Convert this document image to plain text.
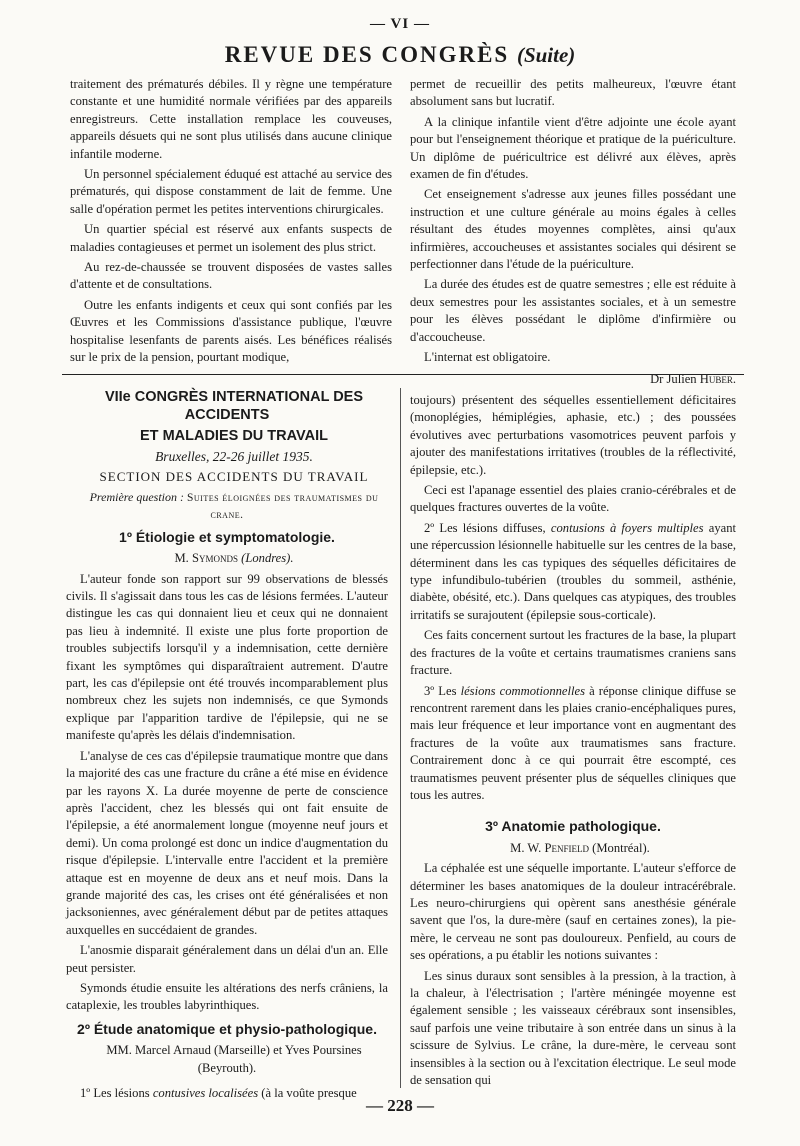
— VI —
REVUE DES CONGRÈS (Suite)

traitement des prématurés débiles. Il y règne une température constante et une humidité normale vérifiées par des appareils enregistreurs. Cette installation remplace les couveuses, appareils désuets qui ne sont plus utilisés dans aucune clinique infantile moderne.

Un personnel spécialement éduqué est attaché au service des prématurés, qui dispose constamment de lait de femme. Une salle d'opération permet les petites interventions chirurgicales.

Un quartier spécial est réservé aux enfants suspects de maladies contagieuses et permet un isolement des plus strict.

Au rez-de-chaussée se trouvent disposées de vastes salles d'attente et de consultations.

Outre les enfants indigents et ceux qui sont confiés par les Œuvres et les Commissions d'assistance publique, l'œuvre hospitalise lesenfants de parents aisés. Les bénéfices réalisés sur le prix de la pension, pourtant modique,

permet de recueillir des petits malheureux, l'œuvre étant absolument sans but lucratif.

A la clinique infantile vient d'être adjointe une école ayant pour but l'enseignement théorique et pratique de la puériculture. Un diplôme de puéricultrice est délivré aux élèves, après examen de fin d'études.

Cet enseignement s'adresse aux jeunes filles possédant une instruction et une culture générale au moins égales à celles résultant des études moyennes complètes, ainsi qu'aux infirmières, accoucheuses et assistantes sociales qui désirent se perfectionner dans l'étude de la puériculture.

La durée des études est de quatre semestres ; elle est réduite à deux semestres pour les assistantes sociales, et à un semestre pour les élèves possédant le diplôme d'infirmière ou d'accoucheuse.

L'internat est obligatoire.

Dr Julien Huber.

VIIe CONGRÈS INTERNATIONAL DES ACCIDENTS

ET MALADIES DU TRAVAIL

Bruxelles, 22-26 juillet 1935.

SECTION DES ACCIDENTS DU TRAVAIL

Première question : Suites éloignées des traumatismes du crane.

1º Étiologie et symptomatologie.

M. Symonds (Londres).

L'auteur fonde son rapport sur 99 observations de blessés civils. Il s'agissait dans tous les cas de lésions fermées. L'auteur distingue les cas qui donnaient lieu et ceux qui ne donnaient pas lieu à indemnité. Il existe une plus forte proportion de troubles subjectifs lorsqu'il y a indemnisation, cette dernière fixant les symptômes qui disparaîtraient autrement. D'autre part, les cas d'épilepsie ont été trouvés incomparablement plus nombreux chez les sujets non indemnisés, ce que Symonds explique par l'apparition tardive de l'épilepsie, qui ne se manifeste qu'après les délais d'indemnisation.

L'analyse de ces cas d'épilepsie traumatique montre que dans la majorité des cas une fracture du crâne a été mise en évidence par les rayons X. La durée moyenne de perte de conscience après l'accident, chez les blessés qui ont fait ensuite de l'épilepsie, a été anormalement longue (moyenne neuf jours et demi). Un coma prolongé est donc un indice d'augmentation du risque d'épilepsie. L'intervalle entre l'accident et la première attaque est en moyenne de deux ans et neuf mois. Dans la grande majorité des cas, les crises ont été généralisées et non jacksoniennes, avec généralement début par de petites attaques auxquelles en succédaient de grandes.

L'anosmie disparait généralement dans un délai d'un an. Elle peut persister.

Symonds étudie ensuite les altérations des nerfs crâniens, la cataplexie, les troubles labyrinthiques.

2º Étude anatomique et physio-pathologique.

MM. Marcel Arnaud (Marseille) et Yves Poursines
(Beyrouth).

1º Les lésions contusives localisées (à la voûte presque

toujours) présentent des séquelles essentiellement déficitaires (monoplégies, hémiplégies, aphasie, etc.) ; des poussées évolutives avec perturbations vasomotrices peuvent parfois y ajouter des manifestations irritatives (troubles de la réflectivité, épilepsie, etc.).

Ceci est l'apanage essentiel des plaies cranio-cérébrales et de quelques fractures ouvertes de la voûte.

2º Les lésions diffuses, contusions à foyers multiples ayant une répercussion lésionnelle habituelle sur les centres de la base, déterminent dans les cas typiques des séquelles déficitaires de type infundibulo-tubérien (troubles du sommeil, asthénie, diabète, obésité, etc.). Dans quelques cas atypiques, des troubles irritatifs se surajoutent (épilepsie sous-corticale).

Ces faits concernent surtout les fractures de la base, la plupart des fractures de la voûte et certains traumatismes craniens sans fracture.

3º Les lésions commotionnelles à réponse clinique diffuse se rencontrent rarement dans les plaies cranio-encéphaliques pures, mais leur fréquence et leur importance vont en augmentant des fractures de la voûte aux traumatismes sans fracture. Contrairement donc à ce qui pourrait être escompté, ces traumatismes peuvent présenter plus de séquelles cliniques que tous les autres.

3º Anatomie pathologique.

M. W. Penfield (Montréal).

La céphalée est une séquelle importante. L'auteur s'efforce de déterminer les bases anatomiques de la douleur intracérébrale. Les neuro-chirurgiens qui opèrent sans anesthésie générale savent que l'os, la dure-mère (sauf en certaines zones), la pie-mère, le cerveau ne sont pas douloureux. Penfield, au cours de ses opérations, a pu établir les notions suivantes :

Les sinus duraux sont sensibles à la pression, à la traction, à la chaleur, à l'électrisation ; l'artère méningée moyenne est également sensible ; les vaisseaux cérébraux sont insensibles, sauf parfois une veine tributaire à son entrée dans un sinus à la scissure de Sylvius. Le crâne, la dure-mère, le cerveau sont insensibles à la section ou à l'excitation électrique. Le seul mode de sensation qui

— 228 —
